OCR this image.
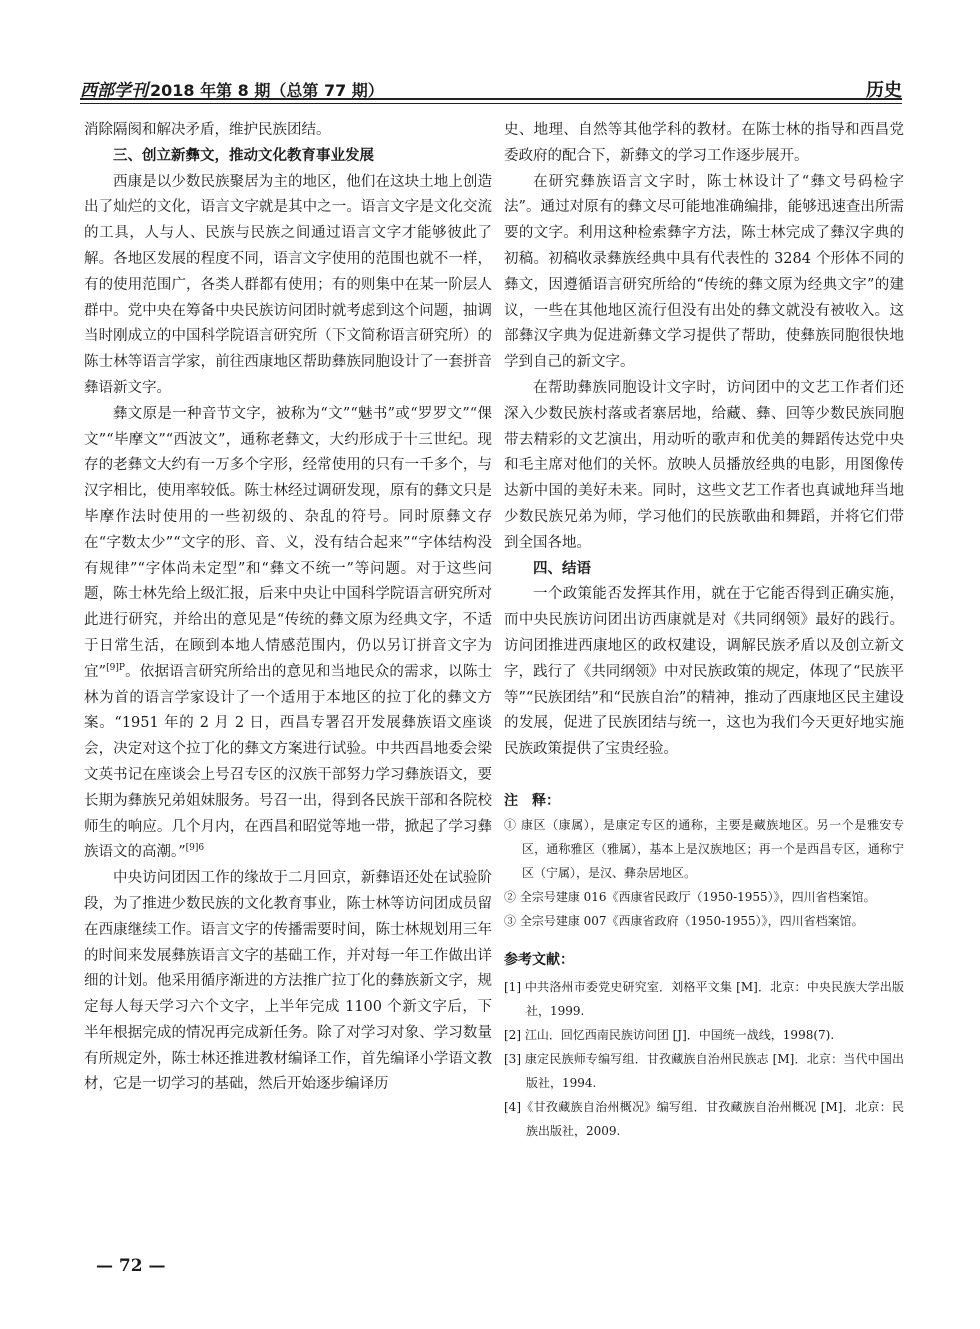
西部学刊 2018 年第 8 期（总第 77 期）	历史

消除隔阂和解决矛盾，维护民族团结。

三、创立新彝文，推动文化教育事业发展

西康是以少数民族聚居为主的地区，他们在这块土地上创造出了灿烂的文化，语言文字就是其中之一。语言文字是文化交流的工具，人与人、民族与民族之间通过语言文字才能够彼此了解。各地区发展的程度不同，语言文字使用的范围也就不一样，有的使用范围广，各类人群都有使用；有的则集中在某一阶层人群中。党中央在筹备中央民族访问团时就考虑到这个问题，抽调当时刚成立的中国科学院语言研究所（下文简称语言研究所）的陈士林等语言学家，前往西康地区帮助彝族同胞设计了一套拼音彝语新文字。

彝文原是一种音节文字，被称为“文”“魅书”或“罗罗文”“倮文”“毕摩文”“西波文”，通称老彝文，大约形成于十三世纪。现存的老彝文大约有一万多个字形，经常使用的只有一千多个，与汉字相比，使用率较低。陈士林经过调研发现，原有的彝文只是毕摩作法时使用的一些初级的、杂乱的符号。同时原彝文存在“字数太少”“文字的形、音、义，没有结合起来”“字体结构没有规律”“字体尚未定型”和“彝文不统一”等问题。对于这些问题，陈士林先给上级汇报，后来中央让中国科学院语言研究所对此进行研究，并给出的意见是“传统的彝文原为经典文字，不适于日常生活，在顾到本地人情感范围内，仍以另订拼音文字为宜”$^{[9]P}$。依据语言研究所给出的意见和当地民众的需求，以陈士林为首的语言学家设计了一个适用于本地区的拉丁化的彝文方案。“1951 年的 2 月 2 日，西昌专署召开发展彝族语文座谈会，决定对这个拉丁化的彝文方案进行试验。中共西昌地委会梁文英书记在座谈会上号召专区的汉族干部努力学习彝族语文，要长期为彝族兄弟姐妹服务。号召一出，得到各民族干部和各院校师生的响应。几个月内，在西昌和昭觉等地一带，掀起了学习彝族语文的高潮。”$^{[9]6}$

中央访问团因工作的缘故于二月回京，新彝语还处在试验阶段，为了推进少数民族的文化教育事业，陈士林等访问团成员留在西康继续工作。语言文字的传播需要时间，陈士林规划用三年的时间来发展彝族语言文字的基础工作，并对每一年工作做出详细的计划。他采用循序渐进的方法推广拉丁化的彝族新文字，规定每人每天学习六个文字，上半年完成 1100 个新文字后，下半年根据完成的情况再完成新任务。除了对学习对象、学习数量有所规定外，陈士林还推进教材编译工作，首先编译小学语文教材，它是一切学习的基础，然后开始逐步编译历

史、地理、自然等其他学科的教材。在陈士林的指导和西昌党委政府的配合下，新彝文的学习工作逐步展开。

在研究彝族语言文字时，陈士林设计了“彝文号码检字法”。通过对原有的彝文尽可能地准确编排，能够迅速查出所需要的文字。利用这种检索彝字方法，陈士林完成了彝汉字典的初稿。初稿收录彝族经典中具有代表性的 3284 个形体不同的彝文，因遵循语言研究所给的“传统的彝文原为经典文字”的建议，一些在其他地区流行但没有出处的彝文就没有被收入。这部彝汉字典为促进新彝文学习提供了帮助，使彝族同胞很快地学到自己的新文字。

在帮助彝族同胞设计文字时，访问团中的文艺工作者们还深入少数民族村落或者寨居地，给藏、彝、回等少数民族同胞带去精彩的文艺演出，用动听的歌声和优美的舞蹈传达党中央和毛主席对他们的关怀。放映人员播放经典的电影，用图像传达新中国的美好未来。同时，这些文艺工作者也真诚地拜当地少数民族兄弟为师，学习他们的民族歌曲和舞蹈，并将它们带到全国各地。

四、结语

一个政策能否发挥其作用，就在于它能否得到正确实施，而中央民族访问团出访西康就是对《共同纲领》最好的践行。访问团推进西康地区的政权建设，调解民族矛盾以及创立新文字，践行了《共同纲领》中对民族政策的规定，体现了“民族平等”“民族团结”和“民族自治”的精神，推动了西康地区民主建设的发展，促进了民族团结与统一，这也为我们今天更好地实施民族政策提供了宝贵经验。

注　释：
① 康区（康属），是康定专区的通称，主要是藏族地区。另一个是雅安专区，通称雅区（雅属），基本上是汉族地区；再一个是西昌专区，通称宁区（宁属），是汉、彝杂居地区。
② 全宗号建康 016《西康省民政厅（1950-1955）》，四川省档案馆。
③ 全宗号建康 007《西康省政府（1950-1955）》，四川省档案馆。
参考文献：
[1] 中共洛州市委党史研究室．刘格平文集 [M]．北京：中央民族大学出版社，1999.
[2] 江山．回忆西南民族访问团 [J]．中国统一战线，1998(7).
[3] 康定民族师专编写组．甘孜藏族自治州民族志 [M]．北京：当代中国出版社，1994.
[4]《甘孜藏族自治州概况》编写组．甘孜藏族自治州概况 [M]．北京：民族出版社，2009.
— 72 —
